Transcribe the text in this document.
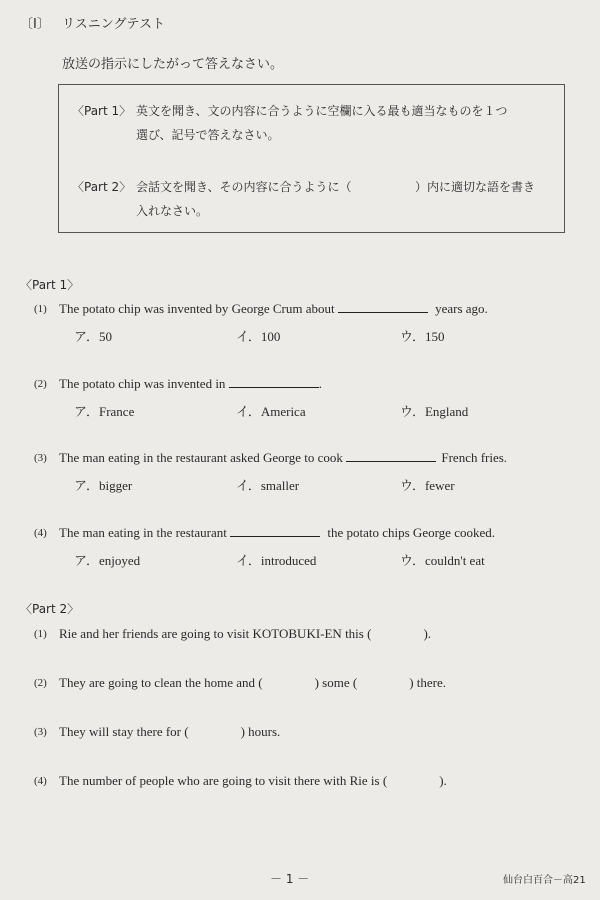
〔Ⅰ〕 リスニングテスト
放送の指示にしたがって答えなさい。
〈Part 1〉 英文を聞き、文の内容に合うように空欄に入る最も適当なものを１つ
選び、記号で答えなさい。
〈Part 2〉 会話文を聞き、その内容に合うように（	）内に適切な語を書き
入れなさい。
〈Part 1〉
(1) The potato chip was invented by George Crum about	years ago.
ア．50	イ．100	ウ．150
(2) The potato chip was invented in	.
ア．France	イ．America	ウ．England
(3) The man eating in the restaurant asked George to cook	French fries.
ア．bigger	イ．smaller	ウ．fewer
(4) The man eating in the restaurant	the potato chips George cooked.
ア．enjoyed	イ．introduced	ウ．couldn't eat
〈Part 2〉
(1) Rie and her friends are going to visit KOTOBUKI-EN this (	).
(2) They are going to clean the home and (	) some (	) there.
(3) They will stay there for (	) hours.
(4) The number of people who are going to visit there with Rie is (	).
－ 1 －	仙台白百合－高21
